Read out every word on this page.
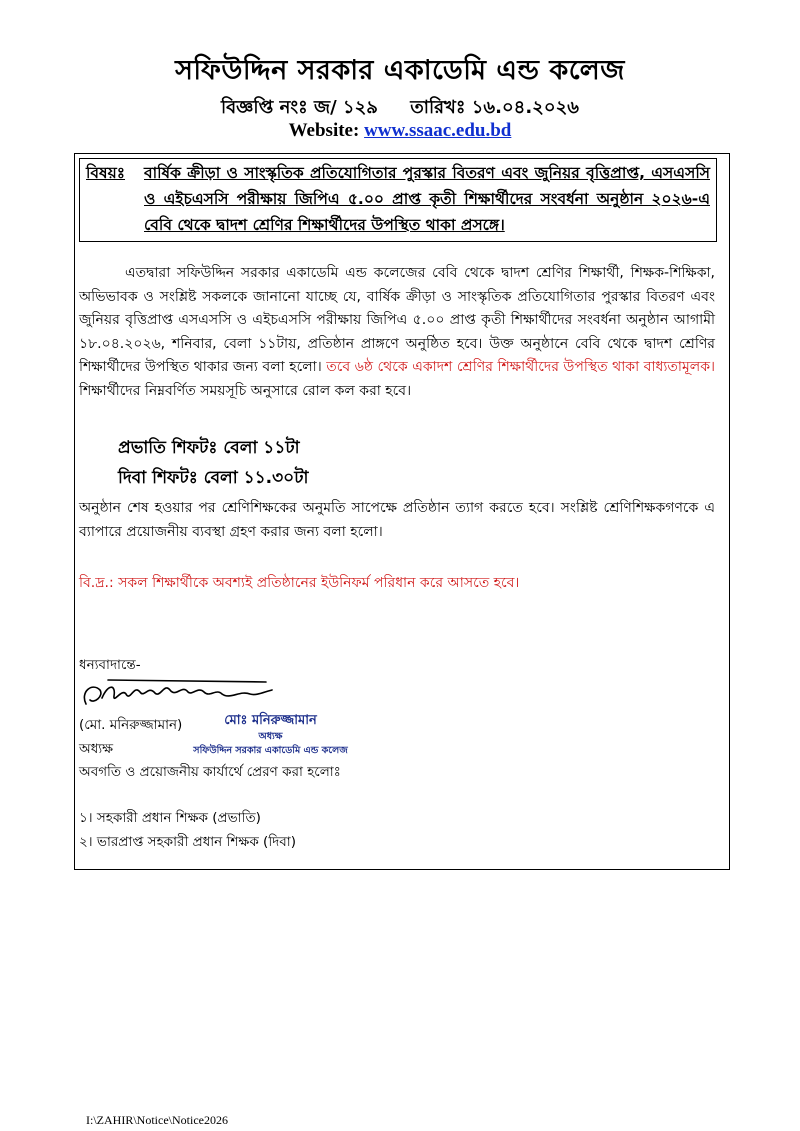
সফিউদ্দিন সরকার একাডেমি এন্ড কলেজ
বিজ্ঞপ্তি নংঃ জ/ ১২৯ তারিখঃ ১৬.০৪.২০২৬
Website: www.ssaac.edu.bd
বিষয়ঃ বার্ষিক ক্রীড়া ও সাংস্কৃতিক প্রতিযোগিতার পুরস্কার বিতরণ এবং জুনিয়র বৃত্তিপ্রাপ্ত, এসএসসি ও এইচএসসি পরীক্ষায় জিপিএ ৫.০০ প্রাপ্ত কৃতী শিক্ষার্থীদের সংবর্ধনা অনুষ্ঠান ২০২৬-এ বেবি থেকে দ্বাদশ শ্রেণির শিক্ষার্থীদের উপস্থিত থাকা প্রসঙ্গে।
এতদ্বারা সফিউদ্দিন সরকার একাডেমি এন্ড কলেজের বেবি থেকে দ্বাদশ শ্রেণির শিক্ষার্থী, শিক্ষক-শিক্ষিকা, অভিভাবক ও সংশ্লিষ্ট সকলকে জানানো যাচ্ছে যে, বার্ষিক ক্রীড়া ও সাংস্কৃতিক প্রতিযোগিতার পুরস্কার বিতরণ এবং জুনিয়র বৃত্তিপ্রাপ্ত এসএসসি ও এইচএসসি পরীক্ষায় জিপিএ ৫.০০ প্রাপ্ত কৃতী শিক্ষার্থীদের সংবর্ধনা অনুষ্ঠান আগামী ১৮.০৪.২০২৬, শনিবার, বেলা ১১টায়, প্রতিষ্ঠান প্রাঙ্গণে অনুষ্ঠিত হবে। উক্ত অনুষ্ঠানে বেবি থেকে দ্বাদশ শ্রেণির শিক্ষার্থীদের উপস্থিত থাকার জন্য বলা হলো। তবে ৬ষ্ঠ থেকে একাদশ শ্রেণির শিক্ষার্থীদের উপস্থিত থাকা বাধ্যতামূলক। শিক্ষার্থীদের নিম্নবর্ণিত সময়সূচি অনুসারে রোল কল করা হবে।
প্রভাতি শিফটঃ বেলা ১১টা
দিবা শিফটঃ বেলা ১১.৩০টা
অনুষ্ঠান শেষ হওয়ার পর শ্রেণিশিক্ষকের অনুমতি সাপেক্ষে প্রতিষ্ঠান ত্যাগ করতে হবে। সংশ্লিষ্ট শ্রেণিশিক্ষকগণকে এ ব্যাপারে প্রয়োজনীয় ব্যবস্থা গ্রহণ করার জন্য বলা হলো।
বি.দ্র.: সকল শিক্ষার্থীকে অবশ্যই প্রতিষ্ঠানের ইউনিফর্ম পরিধান করে আসতে হবে।
ধন্যবাদান্তে-
মোঃ মনিরুজ্জামান
অধ্যক্ষ
সফিউদ্দিন সরকার একাডেমি এন্ড কলেজ
(মো. মনিরুজ্জামান)
অধ্যক্ষ
অবগতি ও প্রয়োজনীয় কার্যার্থে প্রেরণ করা হলোঃ
১। সহকারী প্রধান শিক্ষক (প্রভাতি)
২। ভারপ্রাপ্ত সহকারী প্রধান শিক্ষক (দিবা)
I:\ZAHIR\Notice\Notice2026
